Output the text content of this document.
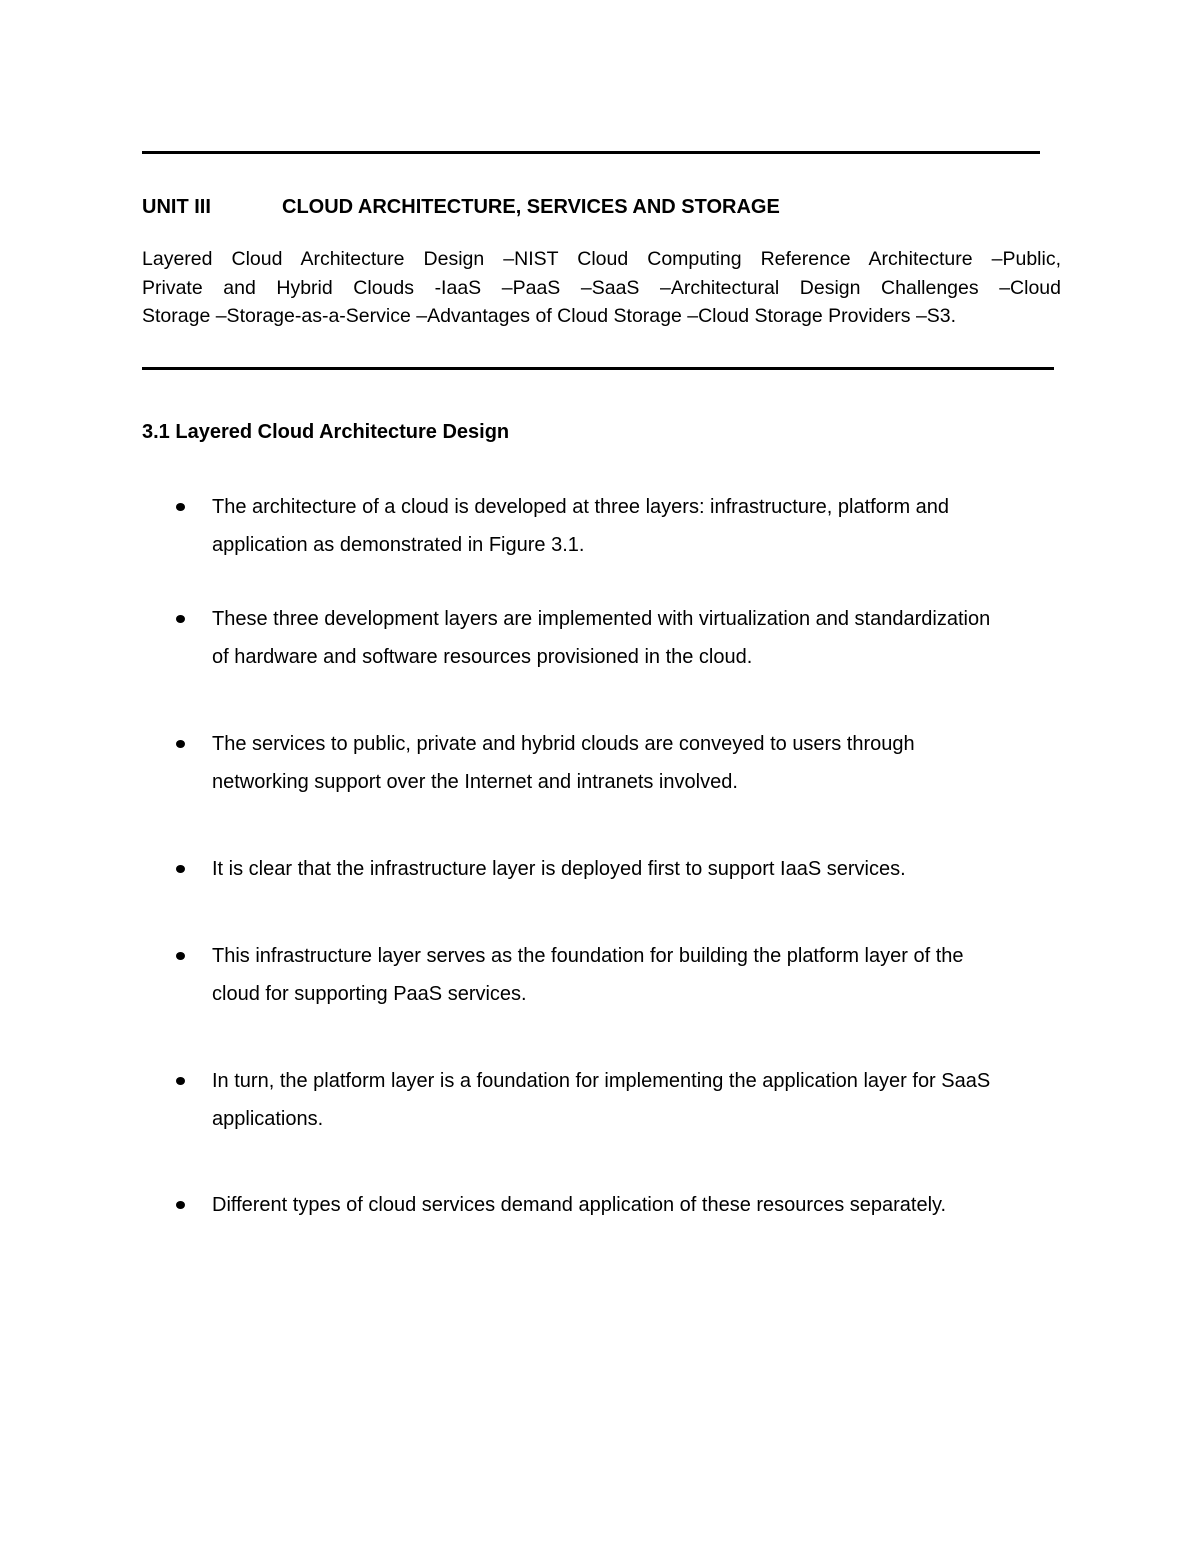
UNIT III	CLOUD ARCHITECTURE, SERVICES AND STORAGE

Layered Cloud Architecture Design –NIST Cloud Computing Reference Architecture –Public,
Private and Hybrid Clouds -IaaS –PaaS –SaaS –Architectural Design Challenges –Cloud
Storage –Storage-as-a-Service –Advantages of Cloud Storage –Cloud Storage Providers –S3.

3.1 Layered Cloud Architecture Design
The architecture of a cloud is developed at three layers: infrastructure, platform and
application as demonstrated in Figure 3.1.
These three development layers are implemented with virtualization and standardization
of hardware and software resources provisioned in the cloud.
The services to public, private and hybrid clouds are conveyed to users through
networking support over the Internet and intranets involved.
It is clear that the infrastructure layer is deployed first to support IaaS services.
This infrastructure layer serves as the foundation for building the platform layer of the
cloud for supporting PaaS services.
In turn, the platform layer is a foundation for implementing the application layer for SaaS
applications.
Different types of cloud services demand application of these resources separately.
